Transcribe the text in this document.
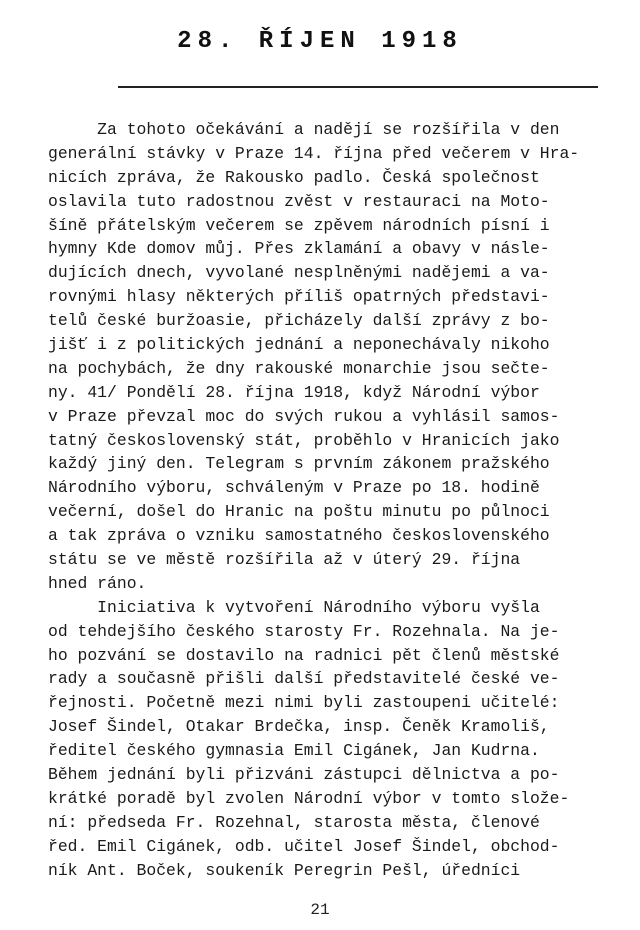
28. ŘÍJEN 1918
Za tohoto očekávání a nadějí se rozšířila v den
generální stávky v Praze 14. října před večerem v Hra-
nicích zpráva, že Rakousko padlo. Česká společnost
oslavila tuto radostnou zvěst v restauraci na Moto-
šíně přátelským večerem se zpěvem národních písní i
hymny Kde domov můj. Přes zklamání a obavy v násle-
dujících dnech, vyvolané nesplněnými nadějemi a va-
rovnými hlasy některých příliš opatrných představi-
telů české buržoasie, přicházely další zprávy z bo-
jišť i z politických jednání a neponechávaly nikoho
na pochybách, že dny rakouské monarchie jsou sečte-
ny. 41/ Pondělí 28. října 1918, když Národní výbor
v Praze převzal moc do svých rukou a vyhlásil samos-
tatný československý stát, proběhlo v Hranicích jako
každý jiný den. Telegram s prvním zákonem pražského
Národního výboru, schváleným v Praze po 18. hodině
večerní, došel do Hranic na poštu minutu po půlnoci
a tak zpráva o vzniku samostatného československého
státu se ve městě rozšířila až v úterý 29. října
hned ráno.
Iniciativa k vytvoření Národního výboru vyšla
od tehdejšího českého starosty Fr. Rozehnala. Na je-
ho pozvání se dostavilo na radnici pět členů městské
rady a současně přišli další představitelé české ve-
řejnosti. Početně mezi nimi byli zastoupeni učitelé:
Josef Šindel, Otakar Brdečka, insp. Čeněk Kramoliš,
ředitel českého gymnasia Emil Cigánek, Jan Kudrna.
Během jednání byli přizváni zástupci dělnictva a po-
krátké poradě byl zvolen Národní výbor v tomto slože-
ní: předseda Fr. Rozehnal, starosta města, členové
řed. Emil Cigánek, odb. učitel Josef Šindel, obchod-
ník Ant. Boček, soukeník Peregrin Pešl, úředníci
21
